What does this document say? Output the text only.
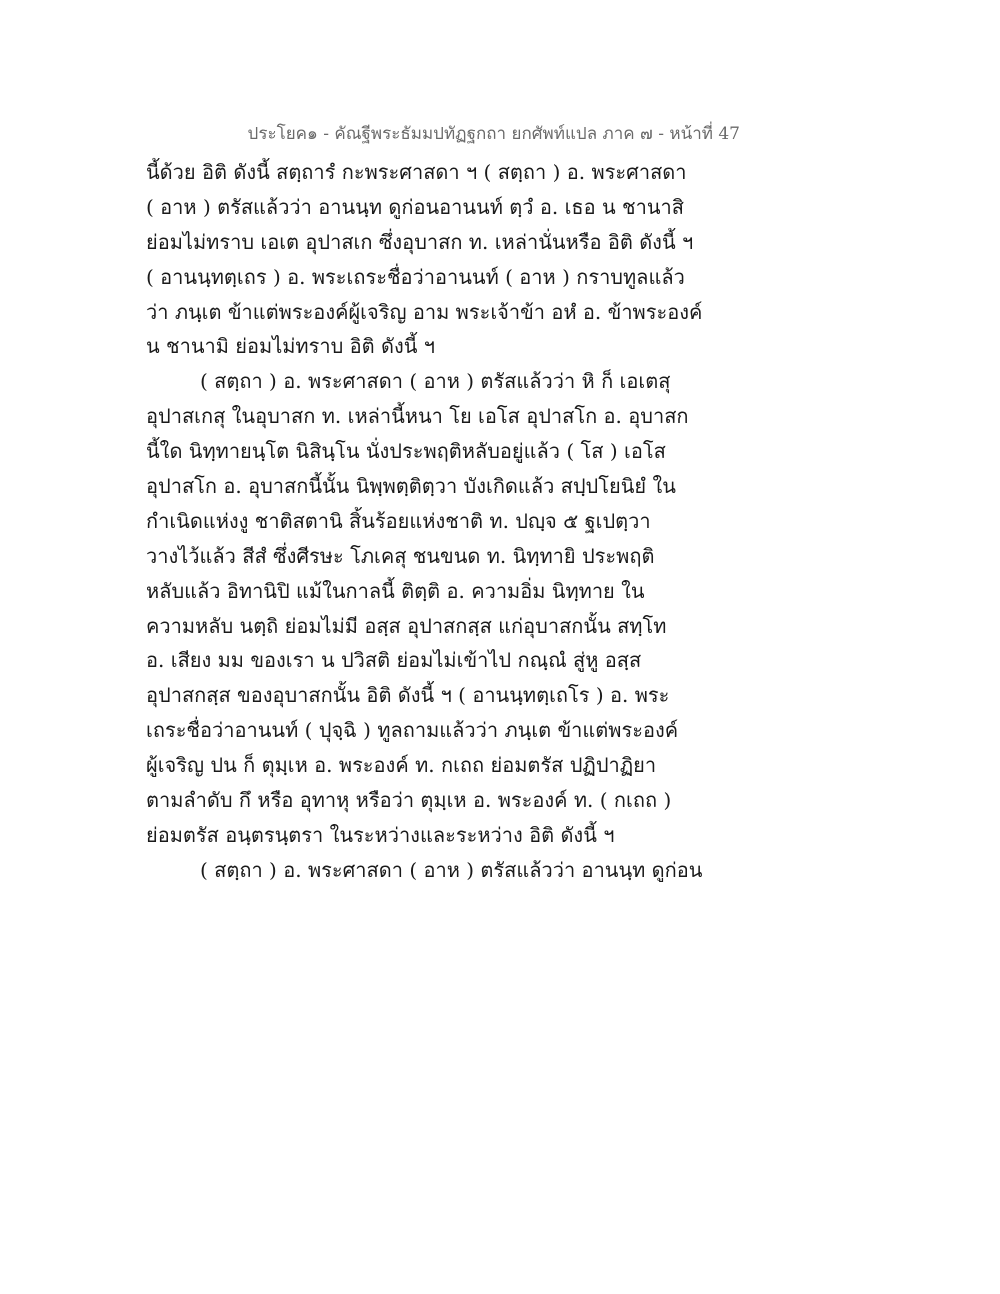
ประโยค๑ - คัณฐีพระธัมมปทัฏฐกถา ยกศัพท์แปล ภาค ๗ - หน้าที่ 47
นี้ด้วย อิติ ดังนี้ สตฺถารํ กะพระศาสดา ฯ ( สตฺถา ) อ. พระศาสดา
( อาห ) ตรัสแล้วว่า อานนฺท ดูก่อนอานนท์ ตฺวํ อ. เธอ น ชานาสิ
ย่อมไม่ทราบ เอเต อุปาสเก ซึ่งอุบาสก ท. เหล่านั่นหรือ อิติ ดังนี้ ฯ
( อานนฺทตฺเถร ) อ. พระเถระชื่อว่าอานนท์ ( อาห ) กราบทูลแล้ว
ว่า ภนฺเต ข้าแต่พระองค์ผู้เจริญ อาม พระเจ้าข้า อหํ อ. ข้าพระองค์
น ชานามิ ย่อมไม่ทราบ อิติ ดังนี้ ฯ
( สตฺถา ) อ. พระศาสดา ( อาห ) ตรัสแล้วว่า หิ ก็ เอเตสุ
อุปาสเกสุ ในอุบาสก ท. เหล่านี้หนา โย เอโส อุปาสโก อ. อุบาสก
นี้ใด นิทฺทายนฺโต นิสินฺโน นั่งประพฤติหลับอยู่แล้ว ( โส ) เอโส
อุปาสโก อ. อุบาสกนี้นั้น นิพฺพตฺติตฺวา บังเกิดแล้ว สปฺปโยนิยํ ใน
กำเนิดแห่งงู ชาติสตานิ สิ้นร้อยแห่งชาติ ท. ปญฺจ ๕ ฐเปตฺวา
วางไว้แล้ว สีสํ ซึ่งศีรษะ โภเคสุ ชนขนด ท. นิทฺทายิ ประพฤติ
หลับแล้ว อิทานิปิ แม้ในกาลนี้ ติตฺติ อ. ความอิ่ม นิทฺทาย ใน
ความหลับ นตฺถิ ย่อมไม่มี อสฺส อุปาสกสฺส แก่อุบาสกนั้น สทฺโท
อ. เสียง มม ของเรา น ปวิสติ ย่อมไม่เข้าไป กณฺณํ สู่หู อสฺส
อุปาสกสฺส ของอุบาสกนั้น อิติ ดังนี้ ฯ ( อานนฺทตฺเถโร ) อ. พระ
เถระชื่อว่าอานนท์ ( ปุจฺฉิ ) ทูลถามแล้วว่า ภนฺเต ข้าแต่พระองค์
ผู้เจริญ ปน ก็ ตุมฺเห อ. พระองค์ ท. กเถถ ย่อมตรัส ปฏิปาฏิยา
ตามลำดับ กึ หรือ อุทาหุ หรือว่า ตุมฺเห อ. พระองค์ ท. ( กเถถ )
ย่อมตรัส อนฺตรนฺตรา ในระหว่างและระหว่าง อิติ ดังนี้ ฯ
( สตฺถา ) อ. พระศาสดา ( อาห ) ตรัสแล้วว่า อานนฺท ดูก่อน
